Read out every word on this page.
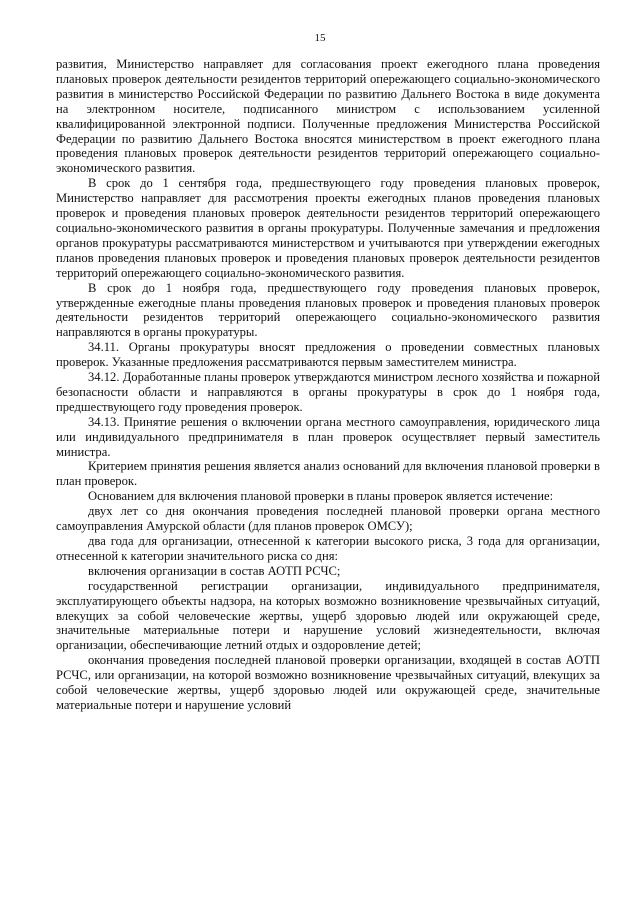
15

развития, Министерство направляет для согласования проект ежегодного плана проведения плановых проверок деятельности резидентов территорий опережающего социально-экономического развития в министерство Российской Федерации по развитию Дальнего Востока в виде документа на электронном носителе, подписанного министром с использованием усиленной квалифицированной электронной подписи. Полученные предложения Министерства Российской Федерации по развитию Дальнего Востока вносятся министерством в проект ежегодного плана проведения плановых проверок деятельности резидентов территорий опережающего социально-экономического развития.

В срок до 1 сентября года, предшествующего году проведения плановых проверок, Министерство направляет для рассмотрения проекты ежегодных планов проведения плановых проверок и проведения плановых проверок деятельности резидентов территорий опережающего социально-экономического развития в органы прокуратуры. Полученные замечания и предложения органов прокуратуры рассматриваются министерством и учитываются при утверждении ежегодных планов проведения плановых проверок и проведения плановых проверок деятельности резидентов территорий опережающего социально-экономического развития.

В срок до 1 ноября года, предшествующего году проведения плановых проверок, утвержденные ежегодные планы проведения плановых проверок и проведения плановых проверок деятельности резидентов территорий опережающего социально-экономического развития направляются в органы прокуратуры.

34.11. Органы прокуратуры вносят предложения о проведении совместных плановых проверок. Указанные предложения рассматриваются первым заместителем министра.

34.12. Доработанные планы проверок утверждаются министром лесного хозяйства и пожарной безопасности области и направляются в органы прокуратуры в срок до 1 ноября года, предшествующего году проведения проверок.

34.13. Принятие решения о включении органа местного самоуправления, юридического лица или индивидуального предпринимателя в план проверок осуществляет первый заместитель министра.

Критерием принятия решения является анализ оснований для включения плановой проверки в план проверок.

Основанием для включения плановой проверки в планы проверок является истечение:

двух лет со дня окончания проведения последней плановой проверки органа местного самоуправления Амурской области (для планов проверок ОМСУ);

два года для организации, отнесенной к категории высокого риска, 3 года для организации, отнесенной к категории значительного риска со дня:

включения организации в состав АОТП РСЧС;

государственной регистрации организации, индивидуального предпринимателя, эксплуатирующего объекты надзора, на которых возможно возникновение чрезвычайных ситуаций, влекущих за собой человеческие жертвы, ущерб здоровью людей или окружающей среде, значительные материальные потери и нарушение условий жизнедеятельности, включая организации, обеспечивающие летний отдых и оздоровление детей;

окончания проведения последней плановой проверки организации, входящей в состав АОТП РСЧС, или организации, на которой возможно возникновение чрезвычайных ситуаций, влекущих за собой человеческие жертвы, ущерб здоровью людей или окружающей среде, значительные материальные потери и нарушение условий
